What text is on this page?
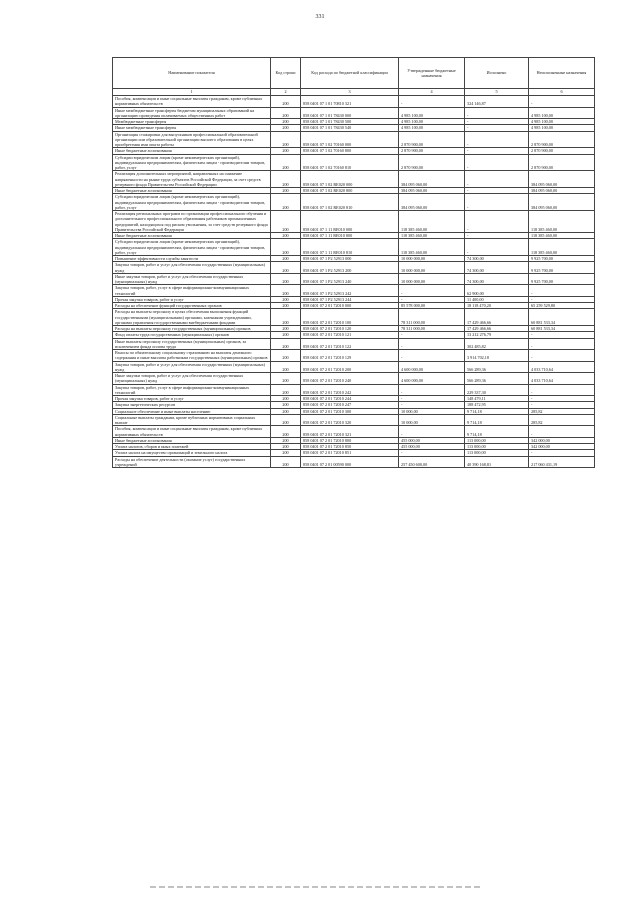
331
Наименование показателя	Код строки	Код расхода по бюджетной классификации	Утвержденные бюджетные назначения	Исполнено	Неисполненные назначения
1	2	3	4	5	6
Пособия, компенсации и иные социальные выплаты гражданам, кроме публичных нормативных обязательств	200	858 0401 07 1 01 70810 321	-	324 146,87	-
Иные межбюджетные трансферты бюджетам муниципальных образований на организацию проведения оплачиваемых общественных работ	200	858 0401 07 1 01 78430 000	4 985 100,00	-	4 985 100,00
Межбюджетные трансферты	200	858 0401 07 1 01 78430 500	4 985 100,00	-	4 985 100,00
Иные межбюджетные трансферты	200	858 0401 07 1 01 78430 540	4 985 100,00	-	4 985 100,00
Организация стажировки для выпускников профессиональной образовательной организации или образовательной организации высшего образования в целях приобретения ими опыта работы	200	858 0401 07 1 02 70160 000	2 870 900,00	-	2 870 900,00
Иные бюджетные ассигнования	200	858 0401 07 1 02 70160 800	2 870 900,00	-	2 870 900,00
Субсидии юридическим лицам (кроме некоммерческих организаций), индивидуальным предпринимателям, физическим лицам - производителям товаров, работ, услуг	200	858 0401 07 1 02 70160 810	2 870 900,00	-	2 870 900,00
Реализация дополнительных мероприятий, направленных на снижение напряженности на рынке труда субъектов Российской Федерации, за счет средств резервного фонда Правительства Российской Федерации	200	858 0401 07 1 02 RE020 000	384 095 060,00	-	384 095 060,00
Иные бюджетные ассигнования	200	858 0401 07 1 02 RE020 800	384 095 060,00	-	384 095 060,00
Субсидии юридическим лицам (кроме некоммерческих организаций), индивидуальным предпринимателям, физическим лицам - производителям товаров, работ, услуг	200	858 0401 07 1 02 RE020 810	384 095 060,00	-	384 095 060,00
Реализация региональных программ по организации профессионального обучения и дополнительного профессионального образования работников промышленных предприятий, находящихся под риском увольнения, за счет средств резервного фонда Правительства Российской Федерации	200	858 0401 07 1 11 RE010 000	118 385 460,00	-	118 385 460,00
Иные бюджетные ассигнования	200	858 0401 07 1 11 RE010 800	118 385 460,00	-	118 385 460,00
Субсидии юридическим лицам (кроме некоммерческих организаций), индивидуальным предпринимателям, физическим лицам - производителям товаров, работ, услуг	200	858 0401 07 1 11 RE010 810	118 385 460,00	-	118 385 460,00
Повышение эффективности службы занятости	200	858 0401 07 1 P2 52913 000	10 000 000,00	74 300,00	9 925 700,00
Закупка товаров, работ и услуг для обеспечения государственных (муниципальных) нужд	200	858 0401 07 1 P2 52913 200	10 000 000,00	74 300,00	9 925 700,00
Иные закупки товаров, работ и услуг для обеспечения государственных (муниципальных) нужд	200	858 0401 07 1 P2 52913 240	10 000 000,00	74 300,00	9 925 700,00
Закупка товаров, работ, услуг в сфере информационно-коммуникационных технологий	200	858 0401 07 1 P2 52913 242	-	62 900,00	-
Прочая закупка товаров, работ и услуг	200	858 0401 07 1 P2 52913 244	-	11 400,00	-
Расходы на обеспечение функций государственных органов	200	858 0401 07 2 01 72010 000	85 578 000,00	18 118 470,20	65 259 529,80
Расходы на выплаты персоналу в целях обеспечения выполнения функций государственными (муниципальными) органами, казенными учреждениями, органами управления государственными внебюджетными фондами	200	858 0401 07 2 01 72010 100	78 311 000,00	17 429 466,66	60 881 533,34
Расходы на выплаты персоналу государственных (муниципальных) органов	200	858 0401 07 2 01 72010 120	78 311 000,00	17 429 466,66	60 881 533,34
Фонд оплаты труда государственных (муниципальных) органов	200	858 0401 07 2 01 72010 121	-	13 212 276,79	-
Иные выплаты персоналу государственных (муниципальных) органов, за исключением фонда оплаты труда	200	858 0401 07 2 01 72010 122	-	302 485,82	-
Взносы по обязательному социальному страхованию на выплаты денежного содержания и иные выплаты работникам государственных (муниципальных) органов	200	858 0401 07 2 01 72010 129	-	3 914 702,18	-
Закупка товаров, работ и услуг для обеспечения государственных (муниципальных) нужд	200	858 0401 07 2 01 72010 200	4 600 000,00	566 289,36	4 033 710,64
Иные закупки товаров, работ и услуг для обеспечения государственных (муниципальных) нужд	200	858 0401 07 2 01 72010 240	4 600 000,00	566 289,36	4 033 710,64
Закупка товаров, работ, услуг в сфере информационно-коммуникационных технологий	200	858 0401 07 2 01 72010 242	-	229 337,30	-
Прочая закупка товаров, работ и услуг	200	858 0401 07 2 01 72010 244	-	148 479,11	-
Закупка энергетических ресурсов	200	858 0401 07 2 01 72010 247	-	188 472,95	-
Социальное обеспечение и иные выплаты населению	200	858 0401 07 2 01 72010 300	10 000,00	9 714,18	285,82
Социальные выплаты гражданам, кроме публичных нормативных социальных выплат	200	858 0401 07 2 01 72010 320	10 000,00	9 714,18	285,82
Пособия, компенсации и иные социальные выплаты гражданам, кроме публичных нормативных обязательств	200	858 0401 07 2 01 72010 321	-	9 714,18	-
Иные бюджетные ассигнования	200	858 0401 07 2 01 72010 800	455 000,00	113 000,00	342 000,00
Уплата налогов, сборов и иных платежей	200	858 0401 07 2 01 72010 850	455 000,00	113 000,00	342 000,00
Уплата налога на имущество организаций и земельного налога	200	858 0401 07 2 01 72010 851	-	113 000,00	-
Расходы на обеспечение деятельности (оказание услуг) государственных учреждений	200	858 0401 07 2 01 00590 000	257 450 600,00	40 390 168,81	217 060 431,19
